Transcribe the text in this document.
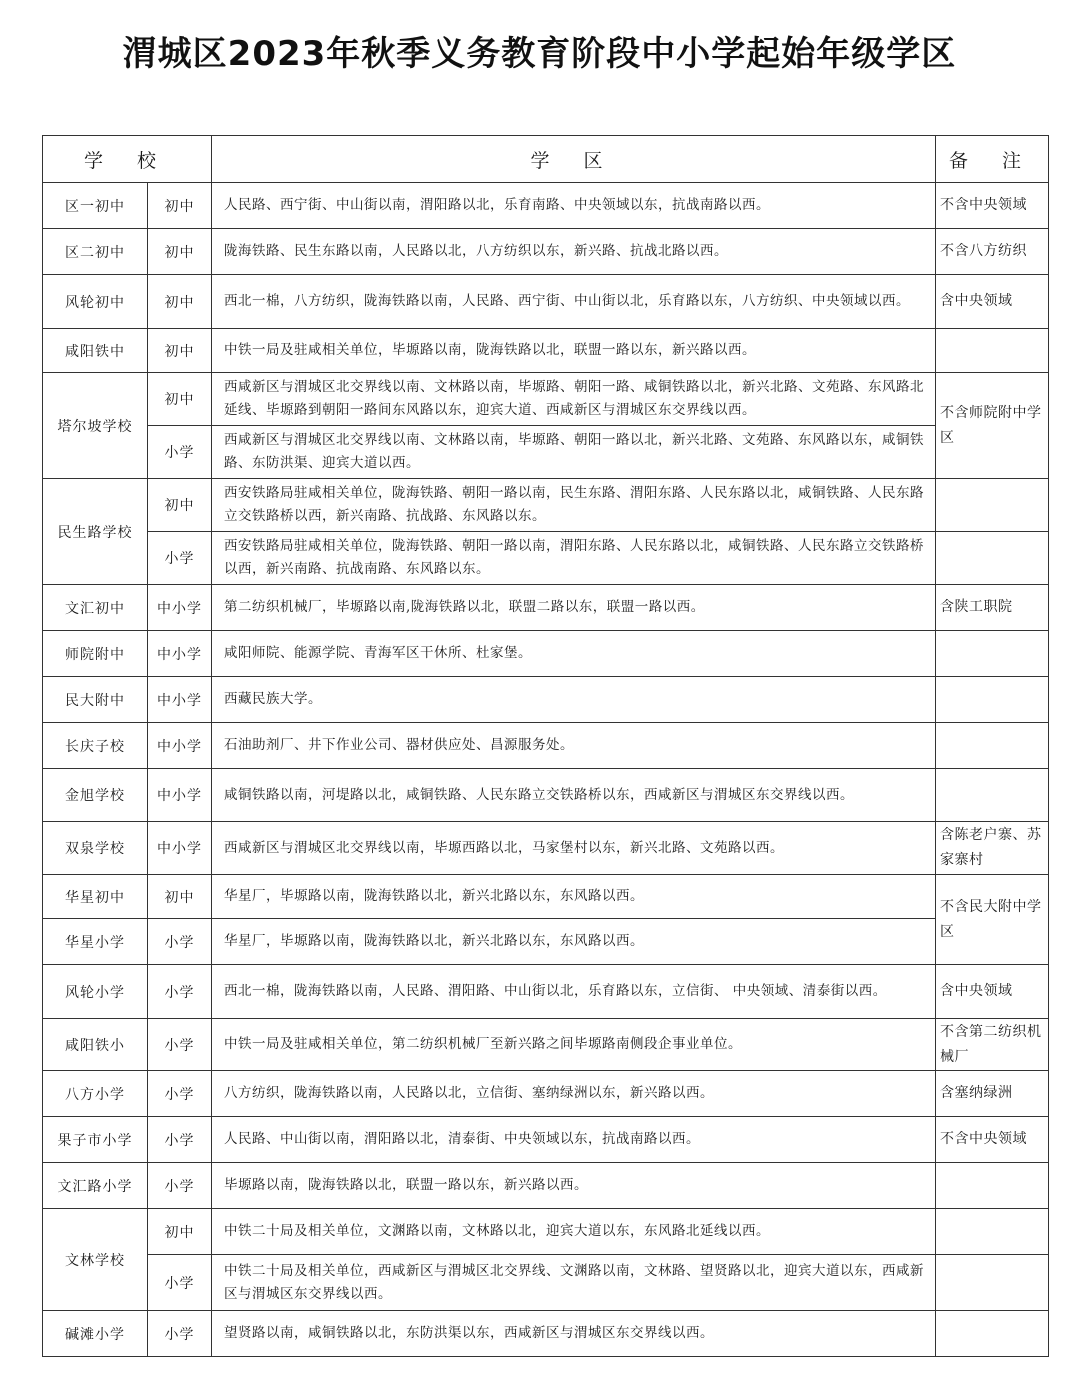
渭城区2023年秋季义务教育阶段中小学起始年级学区
学 校		学 区	备 注
区一初中	初中	人民路、西宁街、中山街以南，渭阳路以北，乐育南路、中央领域以东，抗战南路以西。	不含中央领域
区二初中	初中	陇海铁路、民生东路以南，人民路以北，八方纺织以东，新兴路、抗战北路以西。	不含八方纺织
风轮初中	初中	西北一棉，八方纺织，陇海铁路以南，人民路、西宁街、中山街以北，乐育路以东，八方纺织、中央领域以西。	含中央领域
咸阳铁中	初中	中铁一局及驻咸相关单位，毕塬路以南，陇海铁路以北，联盟一路以东，新兴路以西。	
塔尔坡学校	初中	西咸新区与渭城区北交界线以南、文林路以南，毕塬路、朝阳一路、咸铜铁路以北，新兴北路、文苑路、东风路北延线、毕塬路到朝阳一路间东风路以东，迎宾大道、西咸新区与渭城区东交界线以西。	不含师院附中学区
	小学	西咸新区与渭城区北交界线以南、文林路以南，毕塬路、朝阳一路以北，新兴北路、文苑路、东风路以东，咸铜铁路、东防洪渠、迎宾大道以西。	
民生路学校	初中	西安铁路局驻咸相关单位，陇海铁路、朝阳一路以南，民生东路、渭阳东路、人民东路以北，咸铜铁路、人民东路立交铁路桥以西，新兴南路、抗战路、东风路以东。	
	小学	西安铁路局驻咸相关单位，陇海铁路、朝阳一路以南，渭阳东路、人民东路以北，咸铜铁路、人民东路立交铁路桥以西，新兴南路、抗战南路、东风路以东。	
文汇初中	中小学	第二纺织机械厂，毕塬路以南,陇海铁路以北，联盟二路以东，联盟一路以西。	含陕工职院
师院附中	中小学	咸阳师院、能源学院、青海军区干休所、杜家堡。	
民大附中	中小学	西藏民族大学。	
长庆子校	中小学	石油助剂厂、井下作业公司、器材供应处、昌源服务处。	
金旭学校	中小学	咸铜铁路以南，河堤路以北，咸铜铁路、人民东路立交铁路桥以东，西咸新区与渭城区东交界线以西。	
双泉学校	中小学	西咸新区与渭城区北交界线以南，毕塬西路以北，马家堡村以东，新兴北路、文苑路以西。	含陈老户寨、苏家寨村
华星初中	初中	华星厂，毕塬路以南，陇海铁路以北，新兴北路以东，东风路以西。	不含民大附中学区
华星小学	小学	华星厂，毕塬路以南，陇海铁路以北，新兴北路以东，东风路以西。	
风轮小学	小学	西北一棉，陇海铁路以南，人民路、渭阳路、中山街以北，乐育路以东，立信街、 中央领域、清泰街以西。	含中央领域
咸阳铁小	小学	中铁一局及驻咸相关单位，第二纺织机械厂至新兴路之间毕塬路南侧段企事业单位。	不含第二纺织机械厂
八方小学	小学	八方纺织，陇海铁路以南，人民路以北，立信街、塞纳绿洲以东，新兴路以西。	含塞纳绿洲
果子市小学	小学	人民路、中山街以南，渭阳路以北，清泰街、中央领域以东，抗战南路以西。	不含中央领域
文汇路小学	小学	毕塬路以南，陇海铁路以北，联盟一路以东，新兴路以西。	
文林学校	初中	中铁二十局及相关单位，文渊路以南，文林路以北，迎宾大道以东，东风路北延线以西。	
	小学	中铁二十局及相关单位，西咸新区与渭城区北交界线、文渊路以南，文林路、望贤路以北，迎宾大道以东，西咸新区与渭城区东交界线以西。	
碱滩小学	小学	望贤路以南，咸铜铁路以北，东防洪渠以东，西咸新区与渭城区东交界线以西。	
